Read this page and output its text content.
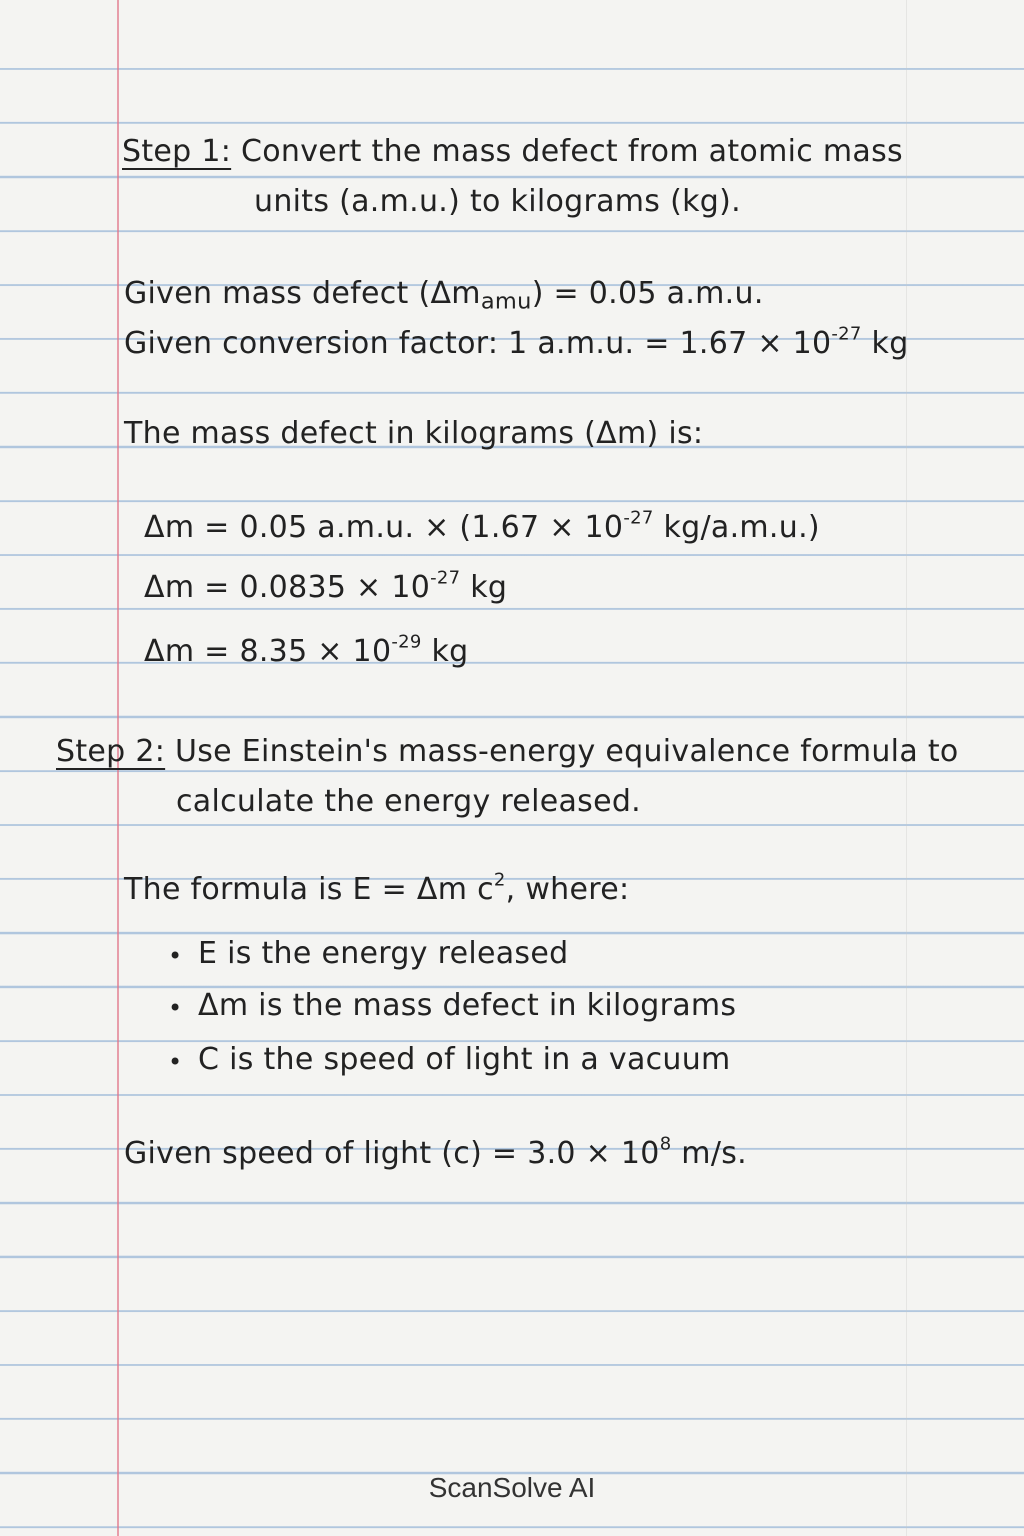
Step 1: Convert the mass defect from atomic mass
units (a.m.u.) to kilograms (kg).
Given mass defect $(\Delta m_{amu}) = 0.05$ a.m.u.
Given conversion factor: 1 a.m.u. = $1.67 \times 10^{-27}$ kg
The mass defect in kilograms (Δm) is:
Δm = 0.05 a.m.u. × ($1.67 \times 10^{-27}$ kg/a.m.u.)
$\Delta m = 0.0835 \times 10^{-27}$ kg
$\Delta m = 8.35 \times 10^{-29}$ kg
Step 2: Use Einstein's mass-energy equivalence formula to
calculate the energy released.
The formula is E = Δm $c^2$, where:
• E is the energy released
• Δm is the mass defect in kilograms
• C is the speed of light in a vacuum
Given speed of light $(c) = 3.0 \times 10^8$ m/s.
ScanSolve AI
